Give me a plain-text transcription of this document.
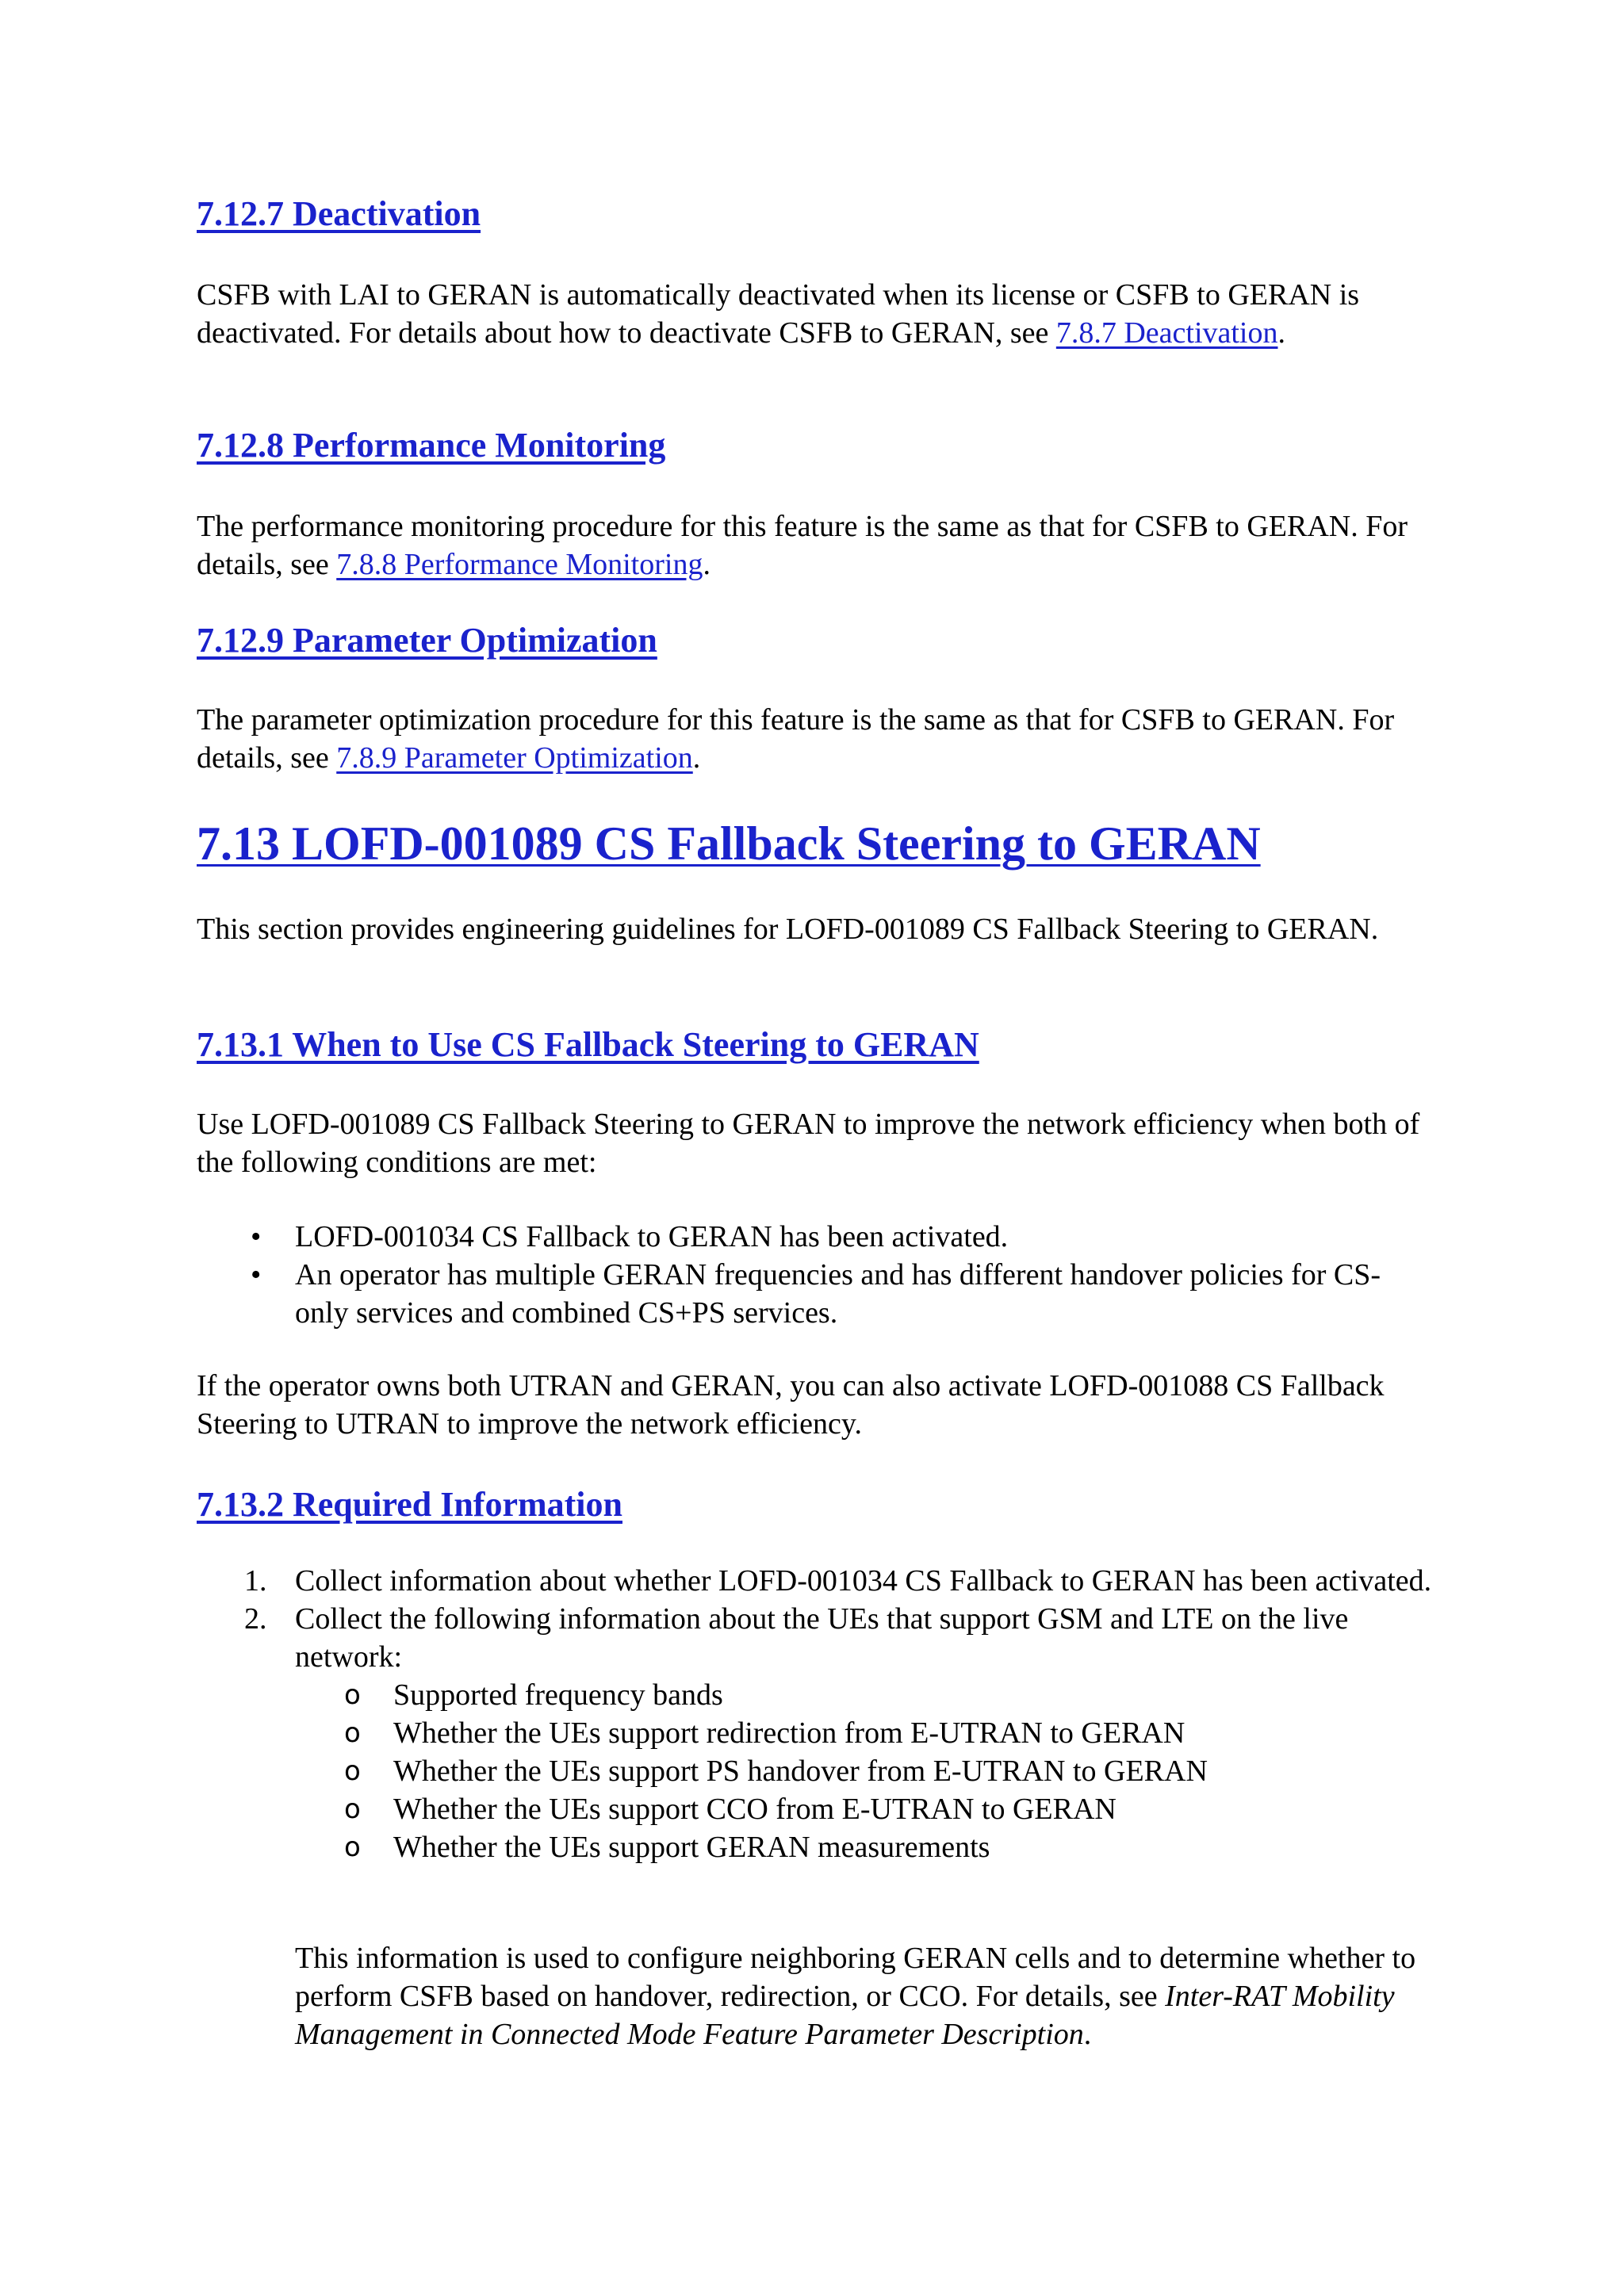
7.12.7 Deactivation

CSFB with LAI to GERAN is automatically deactivated when its license or CSFB to GERAN is deactivated. For details about how to deactivate CSFB to GERAN, see 7.8.7 Deactivation.

7.12.8 Performance Monitoring

The performance monitoring procedure for this feature is the same as that for CSFB to GERAN. For details, see 7.8.8 Performance Monitoring.

7.12.9 Parameter Optimization

The parameter optimization procedure for this feature is the same as that for CSFB to GERAN. For details, see 7.8.9 Parameter Optimization.

7.13 LOFD-001089 CS Fallback Steering to GERAN

This section provides engineering guidelines for LOFD-001089 CS Fallback Steering to GERAN.

7.13.1 When to Use CS Fallback Steering to GERAN

Use LOFD-001089 CS Fallback Steering to GERAN to improve the network efficiency when both of the following conditions are met:

• LOFD-001034 CS Fallback to GERAN has been activated.
• An operator has multiple GERAN frequencies and has different handover policies for CS-only services and combined CS+PS services.

If the operator owns both UTRAN and GERAN, you can also activate LOFD-001088 CS Fallback Steering to UTRAN to improve the network efficiency.

7.13.2 Required Information
1. Collect information about whether LOFD-001034 CS Fallback to GERAN has been activated.
2. Collect the following information about the UEs that support GSM and LTE on the live network:
o Supported frequency bands
o Whether the UEs support redirection from E-UTRAN to GERAN
o Whether the UEs support PS handover from E-UTRAN to GERAN
o Whether the UEs support CCO from E-UTRAN to GERAN
o Whether the UEs support GERAN measurements

This information is used to configure neighboring GERAN cells and to determine whether to perform CSFB based on handover, redirection, or CCO. For details, see Inter-RAT Mobility Management in Connected Mode Feature Parameter Description.
